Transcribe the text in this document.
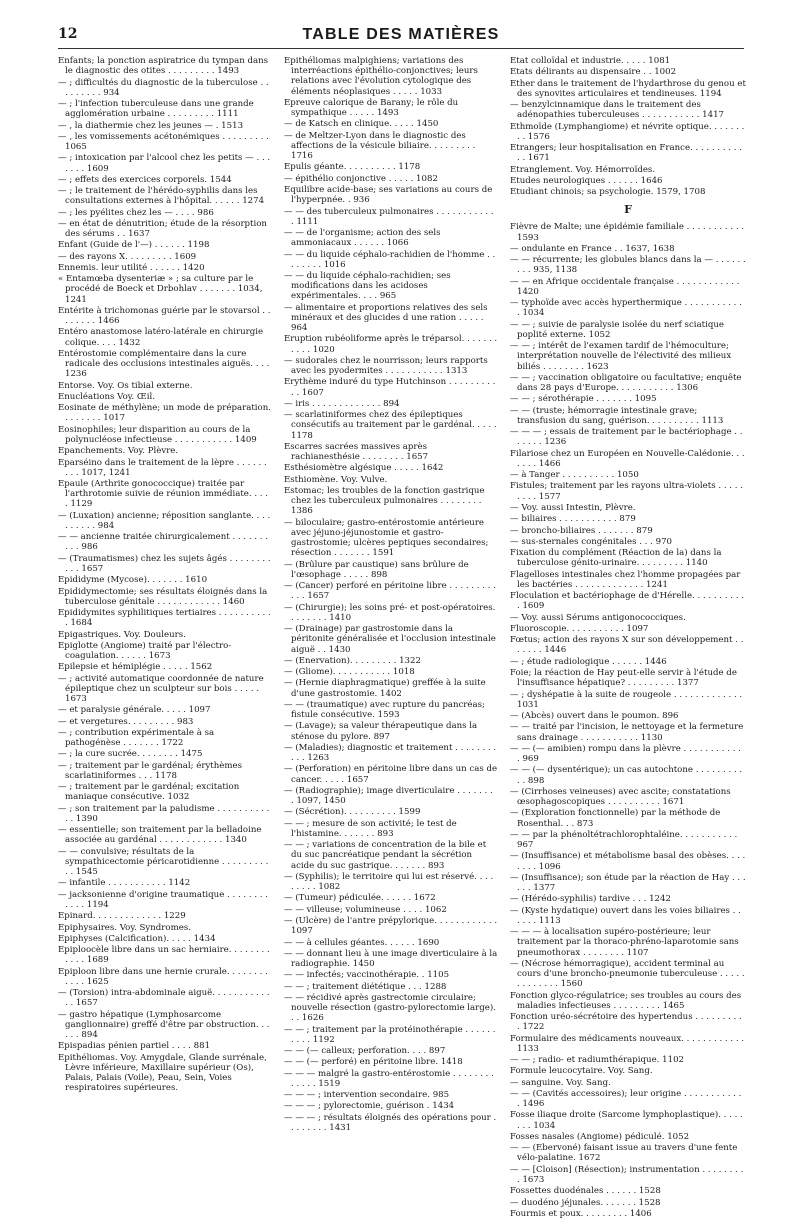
12	TABLE DES MATIÈRES

Enfants; la ponction aspiratrice du tympan dans le diagnostic des otites . . . . . . . . . 1493

— ; difficultés du diagnostic de la tuberculose . . . . . . . . . 934

— ; l'infection tuberculeuse dans une grande agglomération urbaine . . . . . . . . . 1111

— , la diathermie chez les jeunes — . 1513

— , les vomissements acétonémiques . . . . . . . . . 1065

— ; intoxication par l'alcool chez les petits — . . . . . . . 1609

— ; effets des exercices corporels. 1544

— ; le traitement de l'hérédo-syphilis dans les consultations externes à l'hôpital. . . . . . 1274

— ; les pyélites chez les — . . . . 986

— en état de dénutrition; étude de la résorption des sérums . . 1637

Enfant (Guide de l'—) . . . . . . 1198

— des rayons X. . . . . . . . . 1609

Ennemis. leur utilité . . . . . . 1420

« Entamœba dysenteriæ » ; sa culture par le procédé de Boeck et Drbohlav . . . . . . . 1034, 1241

Entérite à trichomonas guérie par le stovarsol . . . . . . . . 1466

Entéro anastomose latéro-latérale en chirurgie colique. . . . 1432

Entérostomie complémentaire dans la cure radicale des occlusions intestinales aiguës. . . . 1236

Entorse. Voy. Os tibial externe.

Enucléations Voy. Œil.

Eosinate de méthylène; un mode de préparation. . . . . . . . 1017

Eosinophiles; leur disparition au cours de la polynucléose infectieuse . . . . . . . . . . . 1409

Epanchements. Voy. Plèvre.

Eparséino dans le traitement de la lèpre . . . . . . . . . 1017, 1241

Epaule (Arthrite gonococcique) traitée par l'arthrotomie suivie de réunion immédiate. . . . . 1129

— (Luxation) ancienne; réposition sanglante. . . . . . . . . . 984

— — ancienne traitée chirurgicalement . . . . . . . . . . 986

— (Traumatismes) chez les sujets âgés . . . . . . . . . . . 1657

Epididyme (Mycose). . . . . . . 1610

Epididymectomie; ses résultats éloignés dans la tuberculose génitale . . . . . . . . . . . . 1460

Epididymites syphilitiques tertiaires . . . . . . . . . . . 1684

Epigastriques. Voy. Douleurs.

Epiglotte (Angiome) traité par l'électro-coagulation. . . . . . 1673

Epilepsie et hémiplégie . . . . . 1562

— ; activité automatique coordonnée de nature épileptique chez un sculpteur sur bois . . . . . 1673

— et paralysie générale. . . . . 1097

— et vergetures. . . . . . . . . 983

— ; contribution expérimentale à sa pathogénèse . . . . . . . 1722

— ; la cure sucrée. . . . . . . . 1475

— ; traitement par le gardénal; érythèmes scarlatiniformes . . . 1178

— ; traitement par le gardénal; excitation maniaque consécutive. 1032

— ; son traitement par la paludisme . . . . . . . . . . . . 1390

— essentielle; son traitement par la belladoine associée au gardénal . . . . . . . . . . . . 1340

— — convulsive; résultats de la sympathicectomie péricarotidienne . . . . . . . . . . . 1545

— infantile . . . . . . . . . . . 1142

— jacksonienne d'origine traumatique . . . . . . . . . . . . 1194

Epinard. . . . . . . . . . . . . 1229

Epiphysaires. Voy. Syndromes.

Epiphyses (Calcification). . . . . 1434

Epiploocèle libre dans un sac herniaire. . . . . . . . . . . . 1689

Epiploon libre dans une hernie crurale. . . . . . . . . . . . 1625

— (Torsion) intra-abdominale aiguë. . . . . . . . . . . . . 1657

— gastro hépatique (Lymphosarcome ganglionnaire) greffé d'être par obstruction. . . . . . 894

Epispadias pénien partiel . . . . 881

Epithéliomas. Voy. Amygdale, Glande surrénale, Lèvre inférieure, Maxillaire supérieur (Os), Palais, Palais (Voile), Peau, Sein, Voies respiratoires supérieures.

Epithéliomas malpighiens; variations des interréactions épithélio-conjonctives; leurs relations avec l'évolution cytologique des éléments néoplasiques . . . . . 1033

Epreuve calorique de Barany; le rôle du sympathique . . . . . 1493

— de Katsch en clinique. . . . . 1450

— de Meltzer-Lyon dans le diagnostic des affections de la vésicule biliaire. . . . . . . . . 1716

Epulis géante. . . . . . . . . . 1178

— épithélio conjonctive . . . . . 1082

Equilibre acide-base; ses variations au cours de l'hyperpnée. . 936

— — des tuberculeux pulmonaires . . . . . . . . . . . . 1111

— — de l'organisme; action des sels ammoniacaux . . . . . . 1066

— — du liquide céphalo-rachidien de l'homme . . . . . . . . 1016

— — du liquide céphalo-rachidien; ses modifications dans les acidoses expérimentales. . . . 965

— alimentaire et proportions relatives des sels minéraux et des glucides d une ration . . . . . 964

Eruption rubéoliforme après le tréparsol. . . . . . . . . . . 1020

— sudorales chez le nourrisson; leurs rapports avec les pyodermites . . . . . . . . . . . 1313

Erythème induré du type Hutchinson . . . . . . . . . . . 1607

— iris . . . . . . . . . . . . . 894

— scarlatiniformes chez des épileptiques consécutifs au traitement par le gardénal. . . . . 1178

Escarres sacrées massives après rachianesthésie . . . . . . . . 1657

Esthésiomètre algésique . . . . . 1642

Esthiomène. Voy. Vulve.

Estomac; les troubles de la fonction gastrique chez les tuberculeux pulmonaires . . . . . . . . 1386

— biloculaire; gastro-entérostomie antérieure avec jéjuno-jéjunostomie et gastro-gastrostomie; ulcères peptiques secondaires; résection . . . . . . . 1591

— (Brûlure par caustique) sans brûlure de l'œsophage . . . . . 898

— (Cancer) perforé en péritoine libre . . . . . . . . . . . . 1657

— (Chirurgie); les soins pré- et post-opératoires. . . . . . . . 1410

— (Drainage) par gastrostomie dans la péritonite généralisée et l'occlusion intestinale aiguë . . 1430

— (Enervation). . . . . . . . . 1322

— (Gliome). . . . . . . . . . . 1018

— (Hernie diaphragmatique) greffée à la suite d'une gastrostomie. 1402

— — (traumatique) avec rupture du pancréas; fistule consécutive. 1593

— (Lavage); sa valeur thérapeutique dans la sténose du pylore. 897

— (Maladies); diagnostic et traitement . . . . . . . . . . . 1263

— (Perforation) en péritoine libre dans un cas de cancer. . . . . 1657

— (Radiographie); image diverticulaire . . . . . . . . 1097, 1450

— (Sécrétion). . . . . . . . . . 1599

— — ; mesure de son activité; le test de l'histamine. . . . . . . 893

— — ; variations de concentration de la bile et du suc pancréatique pendant la sécrétion acide du suc gastrique. . . . . . . 893

— (Syphilis); le territoire qui lui est réservé. . . . . . . . . 1082

— (Tumeur) pédiculée. . . . . . 1672

— — villeuse; volumineuse . . . . 1062

— (Ulcère) de l'antre prépylorique. . . . . . . . . . . . 1097

— — à cellules géantes. . . . . . 1690

— — donnant lieu à une image diverticulaire à la radiographie. 1450

— — infectés; vaccinothérapie. . 1105

— — ; traitement diététique . . . 1288

— — récidivé après gastrectomie circulaire; nouvelle résection (gastro-pylorectomie large). . . 1626

— — ; traitement par la protéinothérapie . . . . . . . . . . 1192

— — (— calleux; perforation. . . . 897

— — (— perforé) en péritoine libre. 1418

— — — malgré la gastro-entérostomie . . . . . . . . . . . . . 1519

— — — ; intervention secondaire. 985

— — — ; pylorectomie, guérison . 1434

— — — ; résultats éloignés des opérations pour . . . . . . . . 1431

Etat colloïdal et industrie. . . . . 1081

Etats délirants au dispensaire . . 1002

Ether dans le traitement de l'hydarthrose du genou et des synovites articulaires et tendineuses. 1194

— benzylcinnamique dans le traitement des adénopathies tuberculeuses . . . . . . . . . . . 1417

Ethmoïde (Lymphangiome) et névrite optique. . . . . . . . . 1576

Etrangers; leur hospitalisation en France. . . . . . . . . . . . 1671

Etranglement. Voy. Hémorroïdes.

Etudes neurologiques . . . . . . 1646

Etudiant chinois; sa psychologie. 1579, 1708

F

Fièvre de Malte; une épidémie familiale . . . . . . . . . . . 1593

— ondulante en France . . 1637, 1638

— — récurrente; les globules blancs dans la — . . . . . . . . . 935, 1138

— — en Afrique occidentale française . . . . . . . . . . . . 1420

— typhoïde avec accès hyperthermique . . . . . . . . . . . . 1034

— — ; suivie de paralysie isolée du nerf sciatique poplité externe. 1052

— — ; intérêt de l'examen tardif de l'hémoculture; interprétation nouvelle de l'électivité des milieux biliés . . . . . . . . 1623

— — ; vaccination obligatoire ou facultative; enquête dans 28 pays d'Europe. . . . . . . . . . . 1306

— — ; sérothérapie . . . . . . . 1095

— — (truste; hémorragie intestinale grave; transfusion du sang, guérison. . . . . . . . . . 1113

— — — ; essais de traitement par le bactériophage . . . . . . . 1236

Filariose chez un Européen en Nouvelle-Calédonie. . . . . . . 1466

— à Tanger . . . . . . . . . . 1050

Fistules; traitement par les rayons ultra-violets . . . . . . . . . 1577

— Voy. aussi Intestin, Plèvre.

— biliaires . . . . . . . . . . . 879

— broncho-biliaires . . . . . . . 879

— sus-sternales congénitales . . . 970

Fixation du complément (Réaction de la) dans la tuberculose génito-urinaire. . . . . . . . . 1140

Flagelloses intestinales chez l'homme propagées par les bactéries . . . . . . . . . . . . . 1241

Floculation et bactériophage de d'Hérelle. . . . . . . . . . . 1609

— Voy. aussi Sérums antigonococciques.

Fluoroscopie. . . . . . . . . . . 1097

Fœtus; action des rayons X sur son développement . . . . . . . 1446

— ; étude radiologique . . . . . . 1446

Foie; la réaction de Hay peut-elle servir à l'étude de l'insuffisance hépatique? . . . . . . . . . 1377

— ; dyshépatie à la suite de rougeole . . . . . . . . . . . . . 1031

— (Abcès) ouvert dans le poumon. 896

— — traité par l'incision, le nettoyage et la fermeture sans drainage . . . . . . . . . . . 1130

— — (— amibien) rompu dans la plèvre . . . . . . . . . . . . 969

— — (— dysentérique); un cas autochtone . . . . . . . . . . . 898

— (Cirrhoses veineuses) avec ascite; constatations œsophagoscopiques . . . . . . . . . . 1671

— (Exploration fonctionnelle) par la méthode de Rosenthal. . . 873

— — par la phénoltétrachlorophtaléine. . . . . . . . . . . 967

— (Insuffisance) et métabolisme basal des obèses. . . . . . . . 1096

— (Insuffisance); son étude par la réaction de Hay . . . . . . 1377

— (Hérédo-syphilis) tardive . . . 1242

— (Kyste hydatique) ouvert dans les voies biliaires . . . . . . 1113

— — — à localisation supéro-postérieure; leur traitement par la thoraco-phréno-laparotomie sans pneumothorax . . . . . . . . 1107

— (Nécrose hémorragique), accident terminal au cours d'une broncho-pneumonie tuberculeuse . . . . . . . . . . . . . 1560

Fonction glyco-régulatrice; ses troubles au cours des maladies infectieuses . . . . . . . . . 1465

Fonction uréo-sécrétoire des hypertendus . . . . . . . . . . 1722

Formulaire des médicaments nouveaux. . . . . . . . . . . . 1133

— — ; radio- et radiumthérapique. 1102

Formule leucocytaire. Voy. Sang.

— sanguine. Voy. Sang.

— — (Cavités accessoires); leur origine . . . . . . . . . . . . 1496

Fosse iliaque droite (Sarcome lymphoplastique). . . . . . . . 1034

Fosses nasales (Angiome) pédiculé. 1052

— — (Ebervoné) faisant issue au travers d'une fente vélo-palatine. 1672

— — [Cloison] (Résection); instrumentation . . . . . . . . . 1673

Fossettes duodénales . . . . . . 1528

— duodéno jéjunales. . . . . . . 1528

Fourmis et poux. . . . . . . . . 1406
